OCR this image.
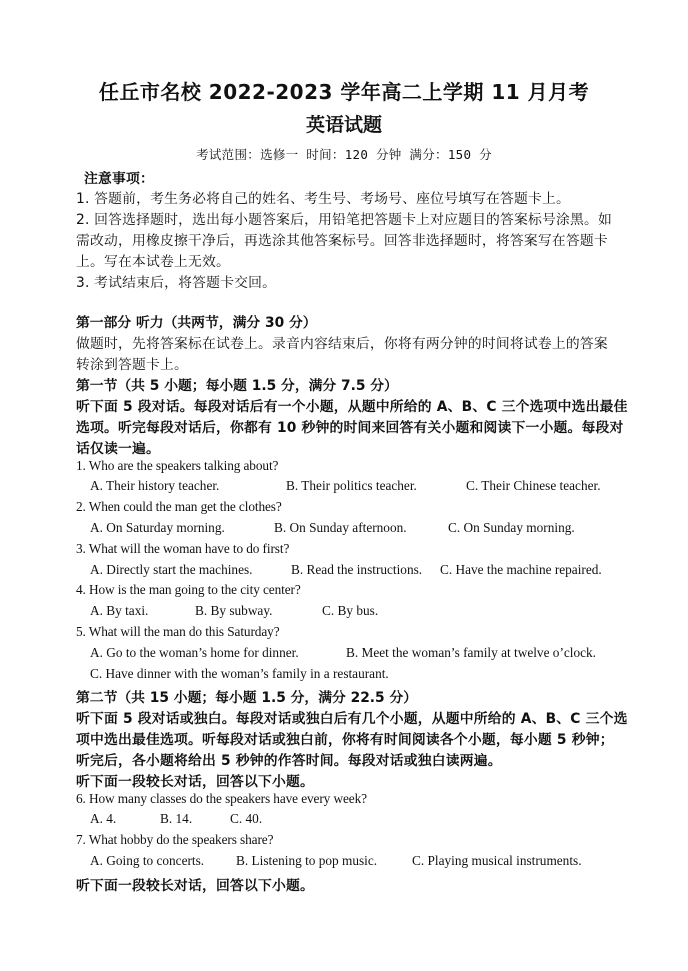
任丘市名校 2022-2023 学年高二上学期 11 月月考
英语试题
考试范围：选修一 时间：120 分钟 满分：150 分
注意事项：
1. 答题前，考生务必将自己的姓名、考生号、考场号、座位号填写在答题卡上。
2. 回答选择题时，选出每小题答案后，用铅笔把答题卡上对应题目的答案标号涂黑。如
需改动，用橡皮擦干净后，再选涂其他答案标号。回答非选择题时，将答案写在答题卡
上。写在本试卷上无效。
3. 考试结束后，将答题卡交回。
第一部分 听力（共两节，满分 30 分）
做题时，先将答案标在试卷上。录音内容结束后，你将有两分钟的时间将试卷上的答案
转涂到答题卡上。
第一节（共 5 小题；每小题 1.5 分，满分 7.5 分）
听下面 5 段对话。每段对话后有一个小题，从题中所给的 A、B、C 三个选项中选出最佳
选项。听完每段对话后，你都有 10 秒钟的时间来回答有关小题和阅读下一小题。每段对
话仅读一遍。
1. Who are the speakers talking about?
A. Their history teacher.	B. Their politics teacher.	C. Their Chinese teacher.
2. When could the man get the clothes?
A. On Saturday morning.	B. On Sunday afternoon.	C. On Sunday morning.
3. What will the woman have to do first?
A. Directly start the machines.	B. Read the instructions. C. Have the machine repaired.
4. How is the man going to the city center?
A. By taxi.	B. By subway.	C. By bus.
5. What will the man do this Saturday?
A. Go to the woman’s home for dinner.	B. Meet the woman’s family at twelve o’clock.
C. Have dinner with the woman’s family in a restaurant.
第二节（共 15 小题；每小题 1.5 分，满分 22.5 分）
听下面 5 段对话或独白。每段对话或独白后有几个小题，从题中所给的 A、B、C 三个选
项中选出最佳选项。听每段对话或独白前，你将有时间阅读各个小题，每小题 5 秒钟；
听完后，各小题将给出 5 秒钟的作答时间。每段对话或独白读两遍。
听下面一段较长对话，回答以下小题。
6. How many classes do the speakers have every week?
A. 4.	B. 14.	C. 40.
7. What hobby do the speakers share?
A. Going to concerts. B. Listening to pop music.	C. Playing musical instruments.
听下面一段较长对话，回答以下小题。
